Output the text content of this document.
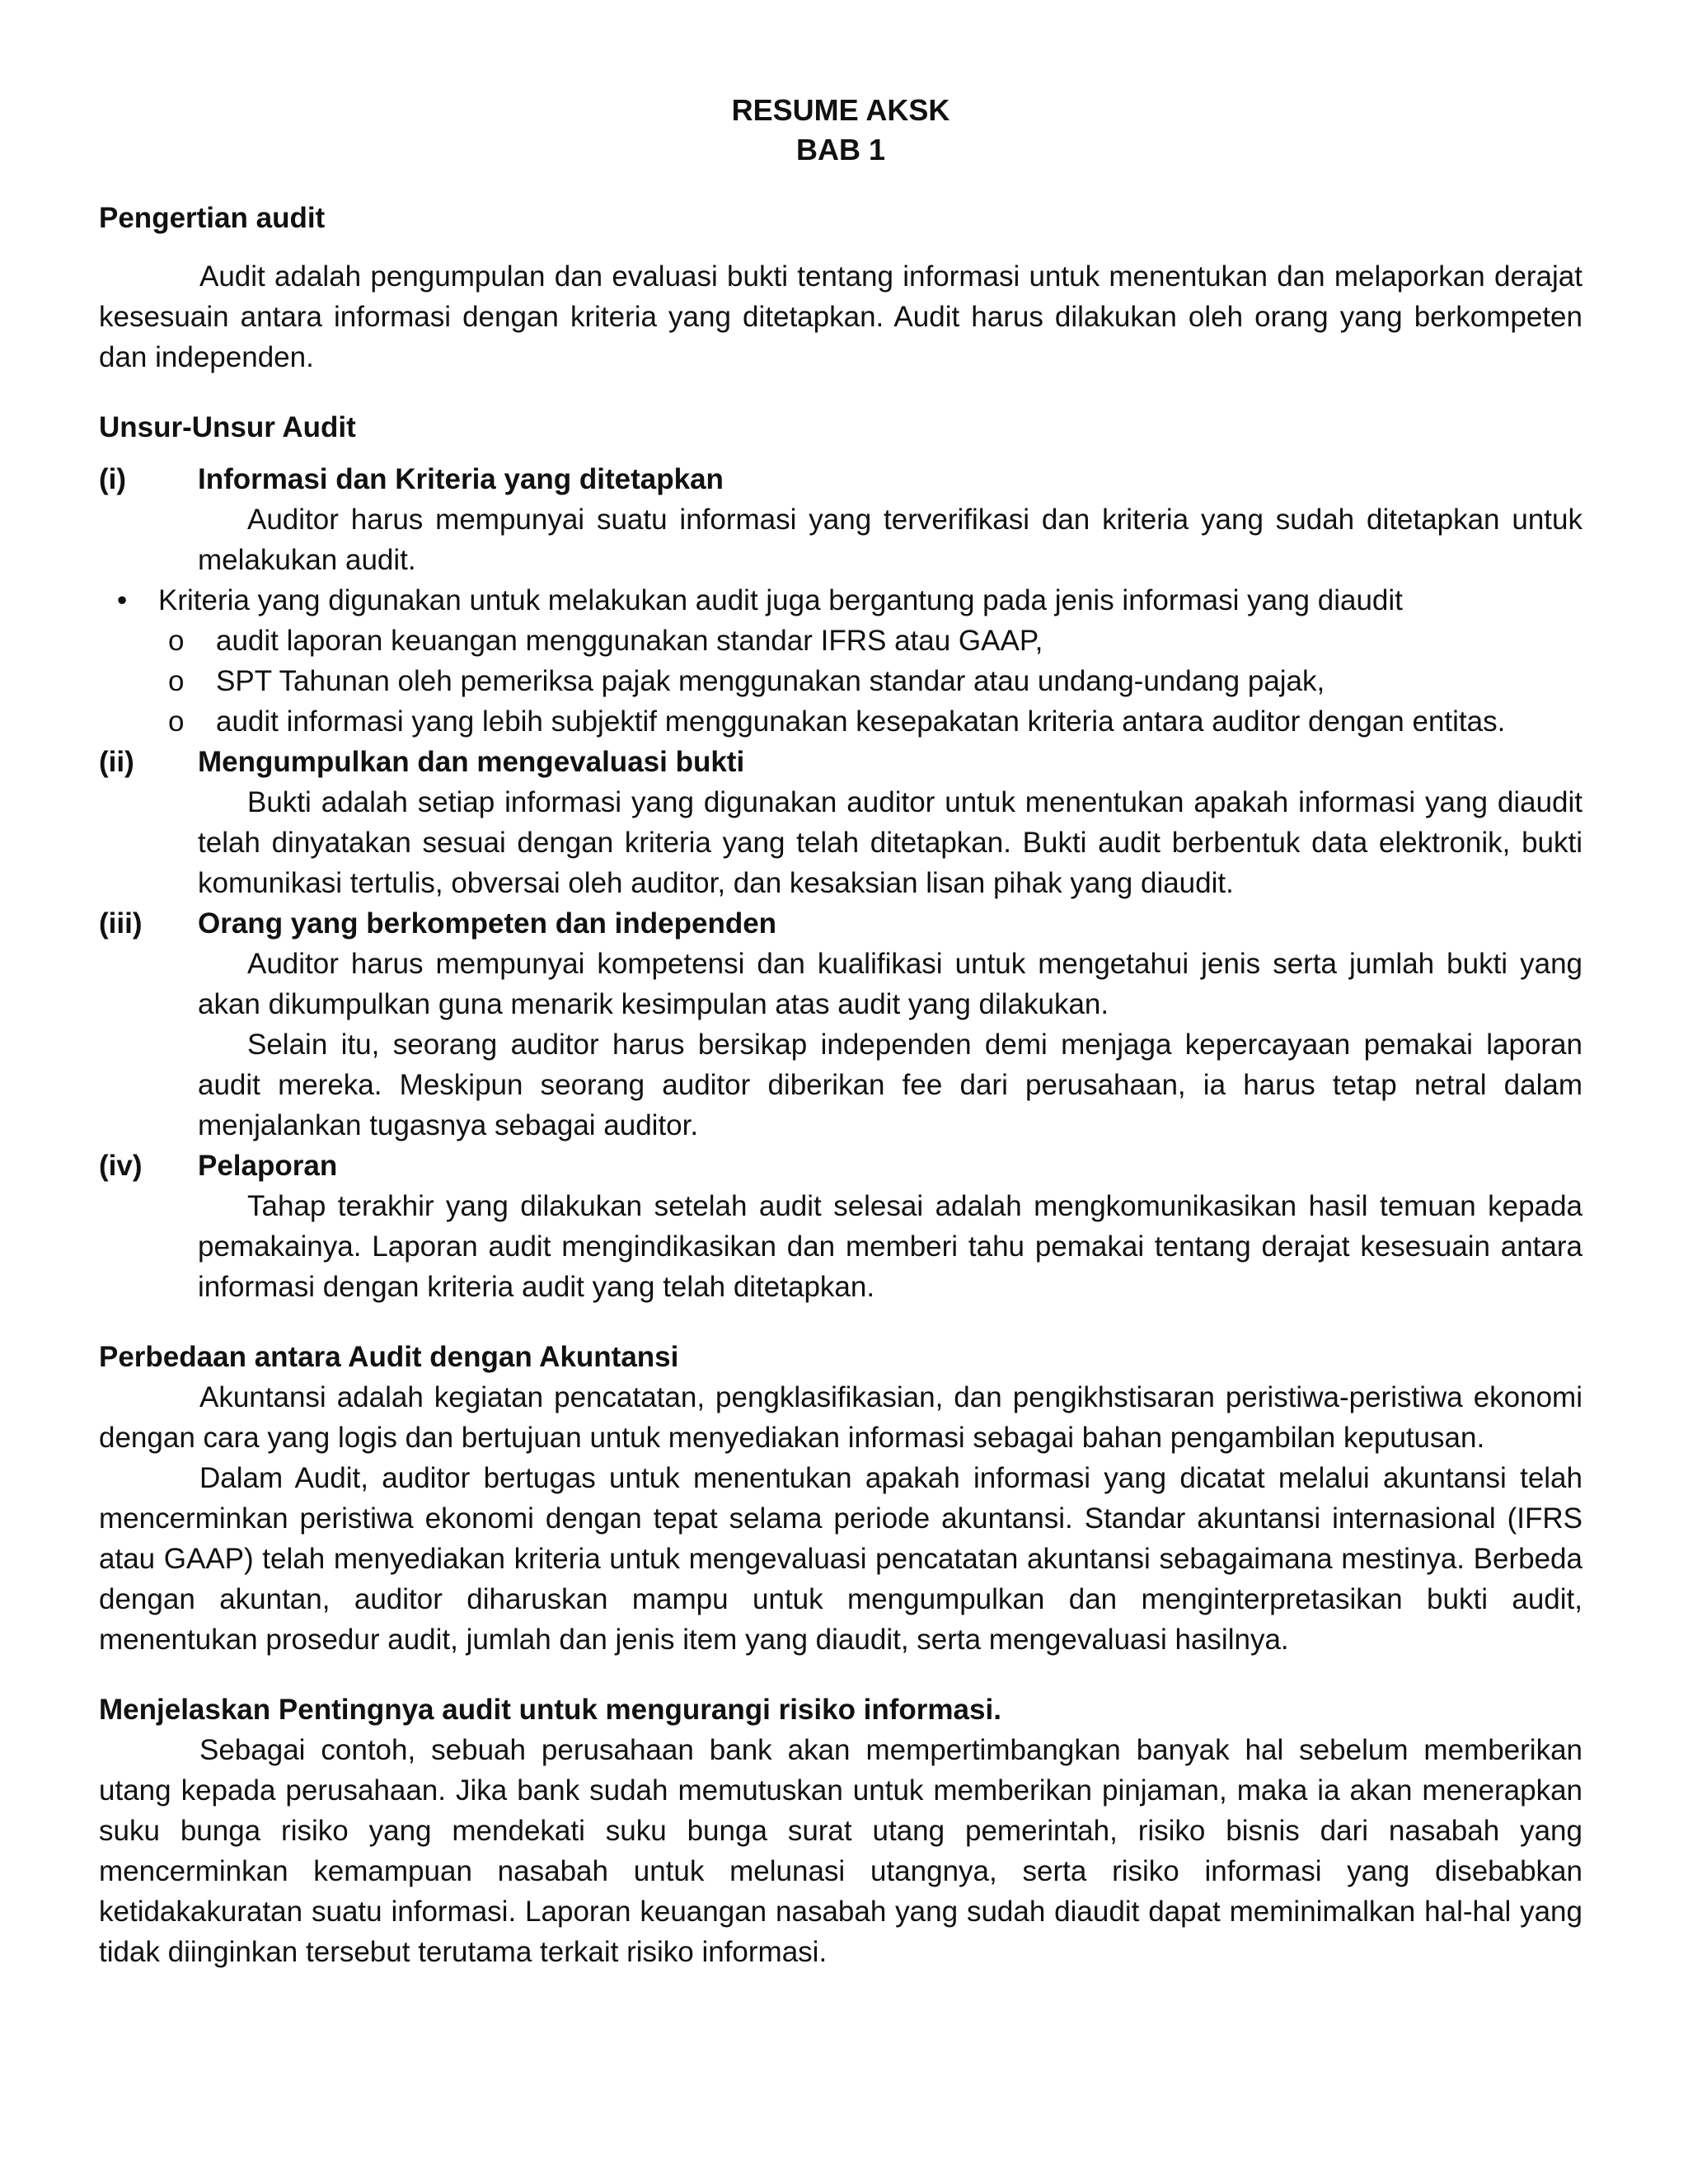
RESUME AKSK
BAB 1
Pengertian audit

Audit adalah pengumpulan dan evaluasi bukti tentang informasi untuk menentukan dan melaporkan derajat kesesuain antara informasi dengan kriteria yang ditetapkan. Audit harus dilakukan oleh orang yang berkompeten dan independen.

Unsur-Unsur Audit
(i) Informasi dan Kriteria yang ditetapkan

Auditor harus mempunyai suatu informasi yang terverifikasi dan kriteria yang sudah ditetapkan untuk melakukan audit.

• Kriteria yang digunakan untuk melakukan audit juga bergantung pada jenis informasi yang diaudit
o audit laporan keuangan menggunakan standar IFRS atau GAAP,

o SPT Tahunan oleh pemeriksa pajak menggunakan standar atau undang-undang pajak,

o audit informasi yang lebih subjektif menggunakan kesepakatan kriteria antara auditor dengan entitas.

(ii) Mengumpulkan dan mengevaluasi bukti

Bukti adalah setiap informasi yang digunakan auditor untuk menentukan apakah informasi yang diaudit telah dinyatakan sesuai dengan kriteria yang telah ditetapkan. Bukti audit berbentuk data elektronik, bukti komunikasi tertulis, obversai oleh auditor, dan kesaksian lisan pihak yang diaudit.

(iii) Orang yang berkompeten dan independen

Auditor harus mempunyai kompetensi dan kualifikasi untuk mengetahui jenis serta jumlah bukti yang akan dikumpulkan guna menarik kesimpulan atas audit yang dilakukan.

Selain itu, seorang auditor harus bersikap independen demi menjaga kepercayaan pemakai laporan audit mereka. Meskipun seorang auditor diberikan fee dari perusahaan, ia harus tetap netral dalam menjalankan tugasnya sebagai auditor.

(iv) Pelaporan

Tahap terakhir yang dilakukan setelah audit selesai adalah mengkomunikasikan hasil temuan kepada pemakainya. Laporan audit mengindikasikan dan memberi tahu pemakai tentang derajat kesesuain antara informasi dengan kriteria audit yang telah ditetapkan.

Perbedaan antara Audit dengan Akuntansi

Akuntansi adalah kegiatan pencatatan, pengklasifikasian, dan pengikhstisaran peristiwa-peristiwa ekonomi dengan cara yang logis dan bertujuan untuk menyediakan informasi sebagai bahan pengambilan keputusan.

Dalam Audit, auditor bertugas untuk menentukan apakah informasi yang dicatat melalui akuntansi telah mencerminkan peristiwa ekonomi dengan tepat selama periode akuntansi. Standar akuntansi internasional (IFRS atau GAAP) telah menyediakan kriteria untuk mengevaluasi pencatatan akuntansi sebagaimana mestinya. Berbeda dengan akuntan, auditor diharuskan mampu untuk mengumpulkan dan menginterpretasikan bukti audit, menentukan prosedur audit, jumlah dan jenis item yang diaudit, serta mengevaluasi hasilnya.

Menjelaskan Pentingnya audit untuk mengurangi risiko informasi.

Sebagai contoh, sebuah perusahaan bank akan mempertimbangkan banyak hal sebelum memberikan utang kepada perusahaan. Jika bank sudah memutuskan untuk memberikan pinjaman, maka ia akan menerapkan suku bunga risiko yang mendekati suku bunga surat utang pemerintah, risiko bisnis dari nasabah yang mencerminkan kemampuan nasabah untuk melunasi utangnya, serta risiko informasi yang disebabkan ketidakakuratan suatu informasi. Laporan keuangan nasabah yang sudah diaudit dapat meminimalkan hal-hal yang tidak diinginkan tersebut terutama terkait risiko informasi.
